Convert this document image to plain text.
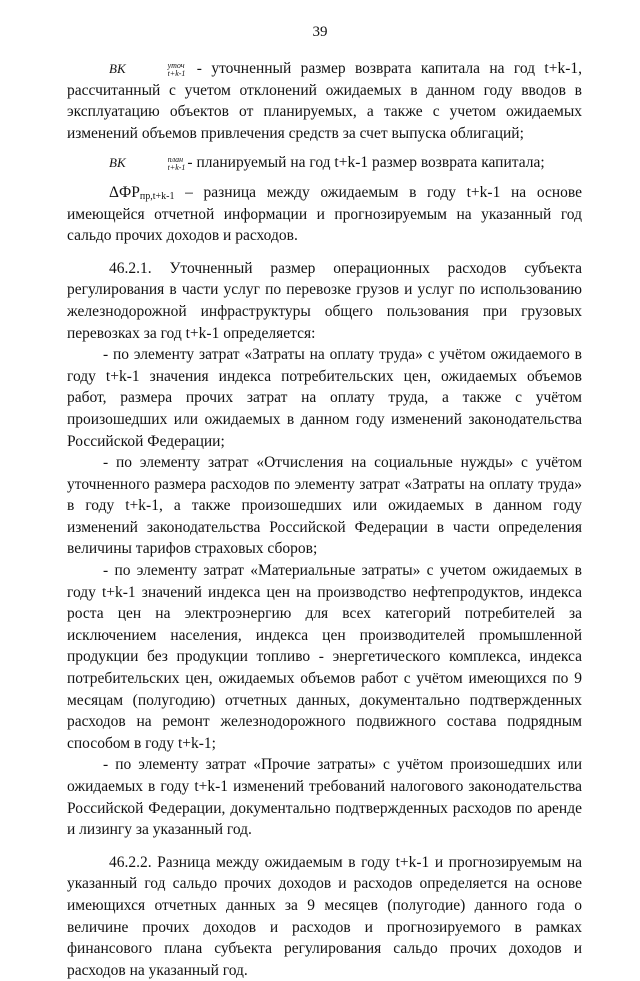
39

ВК	уточ
t+k-1 - уточненный размер возврата капитала на год t+k-1, рассчитанный с учетом отклонений ожидаемых в данном году вводов в эксплуатацию объектов от планируемых, а также с учетом ожидаемых изменений объемов привлечения средств за счет выпуска облигаций;

ВК	план
t+k-1 - планируемый на год t+k-1 размер возврата капитала;

ΔФРпр,t+k-1 – разница между ожидаемым в году t+k-1 на основе имеющейся отчетной информации и прогнозируемым на указанный год сальдо прочих доходов и расходов.

46.2.1. Уточненный размер операционных расходов субъекта регулирования в части услуг по перевозке грузов и услуг по использованию железнодорожной инфраструктуры общего пользования при грузовых перевозках за год t+k-1 определяется:

- по элементу затрат «Затраты на оплату труда» с учётом ожидаемого в году t+k-1 значения индекса потребительских цен, ожидаемых объемов работ, размера прочих затрат на оплату труда, а также с учётом произошедших или ожидаемых в данном году изменений законодательства Российской Федерации;

- по элементу затрат «Отчисления на социальные нужды» с учётом уточненного размера расходов по элементу затрат «Затраты на оплату труда» в году t+k-1, а также произошедших или ожидаемых в данном году изменений законодательства Российской Федерации в части определения величины тарифов страховых сборов;

- по элементу затрат «Материальные затраты» с учетом ожидаемых в году t+k-1 значений индекса цен на производство нефтепродуктов, индекса роста цен на электроэнергию для всех категорий потребителей за исключением населения, индекса цен производителей промышленной продукции без продукции топливо - энергетического комплекса, индекса потребительских цен, ожидаемых объемов работ с учётом имеющихся по 9 месяцам (полугодию) отчетных данных, документально подтвержденных расходов на ремонт железнодорожного подвижного состава подрядным способом в году t+k-1;

- по элементу затрат «Прочие затраты» с учётом произошедших или ожидаемых в году t+k-1 изменений требований налогового законодательства Российской Федерации, документально подтвержденных расходов по аренде и лизингу за указанный год.

46.2.2. Разница между ожидаемым в году t+k-1 и прогнозируемым на указанный год сальдо прочих доходов и расходов определяется на основе имеющихся отчетных данных за 9 месяцев (полугодие) данного года о величине прочих доходов и расходов и прогнозируемого в рамках финансового плана субъекта регулирования сальдо прочих доходов и расходов на указанный год.
